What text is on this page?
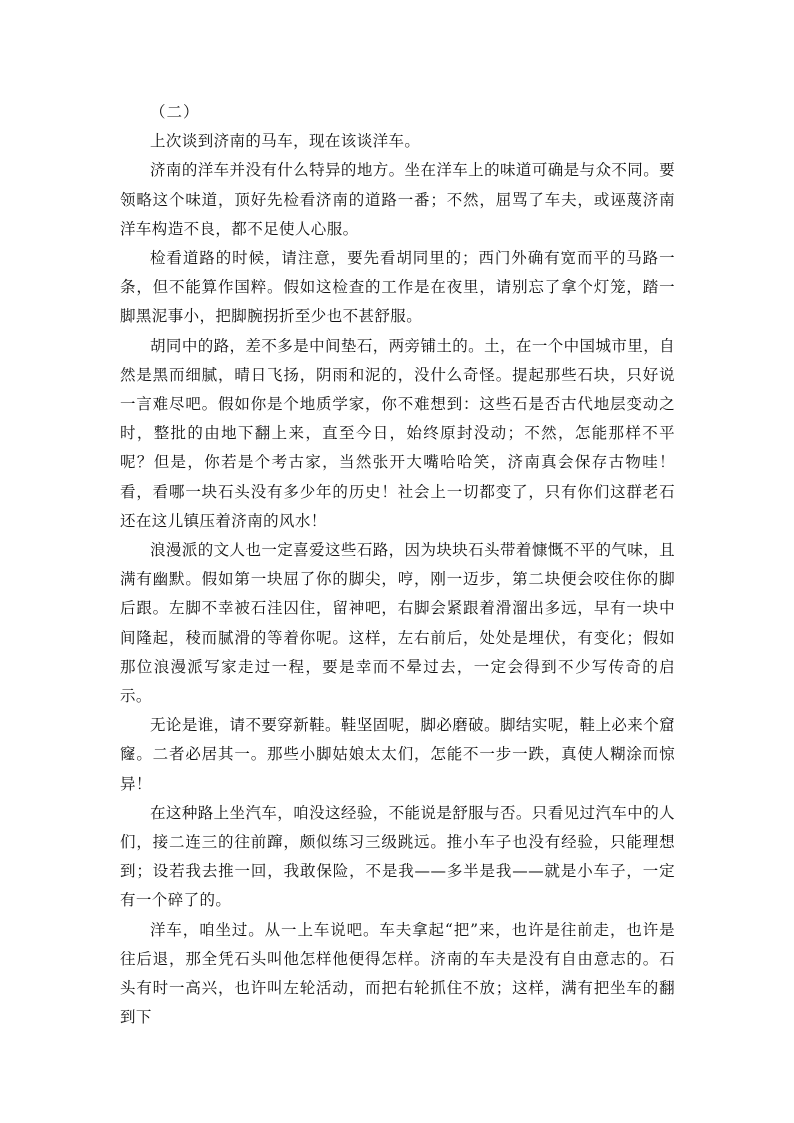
（二）

上次谈到济南的马车，现在该谈洋车。

济南的洋车并没有什么特异的地方。坐在洋车上的味道可确是与众不同。要领略这个味道，顶好先检看济南的道路一番；不然，屈骂了车夫，或诬蔑济南洋车构造不良，都不足使人心服。

检看道路的时候，请注意，要先看胡同里的；西门外确有宽而平的马路一条，但不能算作国粹。假如这检查的工作是在夜里，请别忘了拿个灯笼，踏一脚黑泥事小，把脚腕拐折至少也不甚舒服。

胡同中的路，差不多是中间垫石，两旁铺土的。土，在一个中国城市里，自然是黑而细腻，晴日飞扬，阴雨和泥的，没什么奇怪。提起那些石块，只好说一言难尽吧。假如你是个地质学家，你不难想到：这些石是否古代地层变动之时，整批的由地下翻上来，直至今日，始终原封没动；不然，怎能那样不平呢？但是，你若是个考古家，当然张开大嘴哈哈笑，济南真会保存古物哇！看，看哪一块石头没有多少年的历史！社会上一切都变了，只有你们这群老石还在这儿镇压着济南的风水！

浪漫派的文人也一定喜爱这些石路，因为块块石头带着慷慨不平的气味，且满有幽默。假如第一块屈了你的脚尖，哼，刚一迈步，第二块便会咬住你的脚后跟。左脚不幸被石洼囚住，留神吧，右脚会紧跟着滑溜出多远，早有一块中间隆起，稜而腻滑的等着你呢。这样，左右前后，处处是埋伏，有变化；假如那位浪漫派写家走过一程，要是幸而不晕过去，一定会得到不少写传奇的启示。

无论是谁，请不要穿新鞋。鞋坚固呢，脚必磨破。脚结实呢，鞋上必来个窟窿。二者必居其一。那些小脚姑娘太太们，怎能不一步一跌，真使人糊涂而惊异！

在这种路上坐汽车，咱没这经验，不能说是舒服与否。只看见过汽车中的人们，接二连三的往前蹿，颇似练习三级跳远。推小车子也没有经验，只能理想到；设若我去推一回，我敢保险，不是我——多半是我——就是小车子，一定有一个碎了的。

洋车，咱坐过。从一上车说吧。车夫拿起“把”来，也许是往前走，也许是往后退，那全凭石头叫他怎样他便得怎样。济南的车夫是没有自由意志的。石头有时一高兴，也许叫左轮活动，而把右轮抓住不放；这样，满有把坐车的翻到下
